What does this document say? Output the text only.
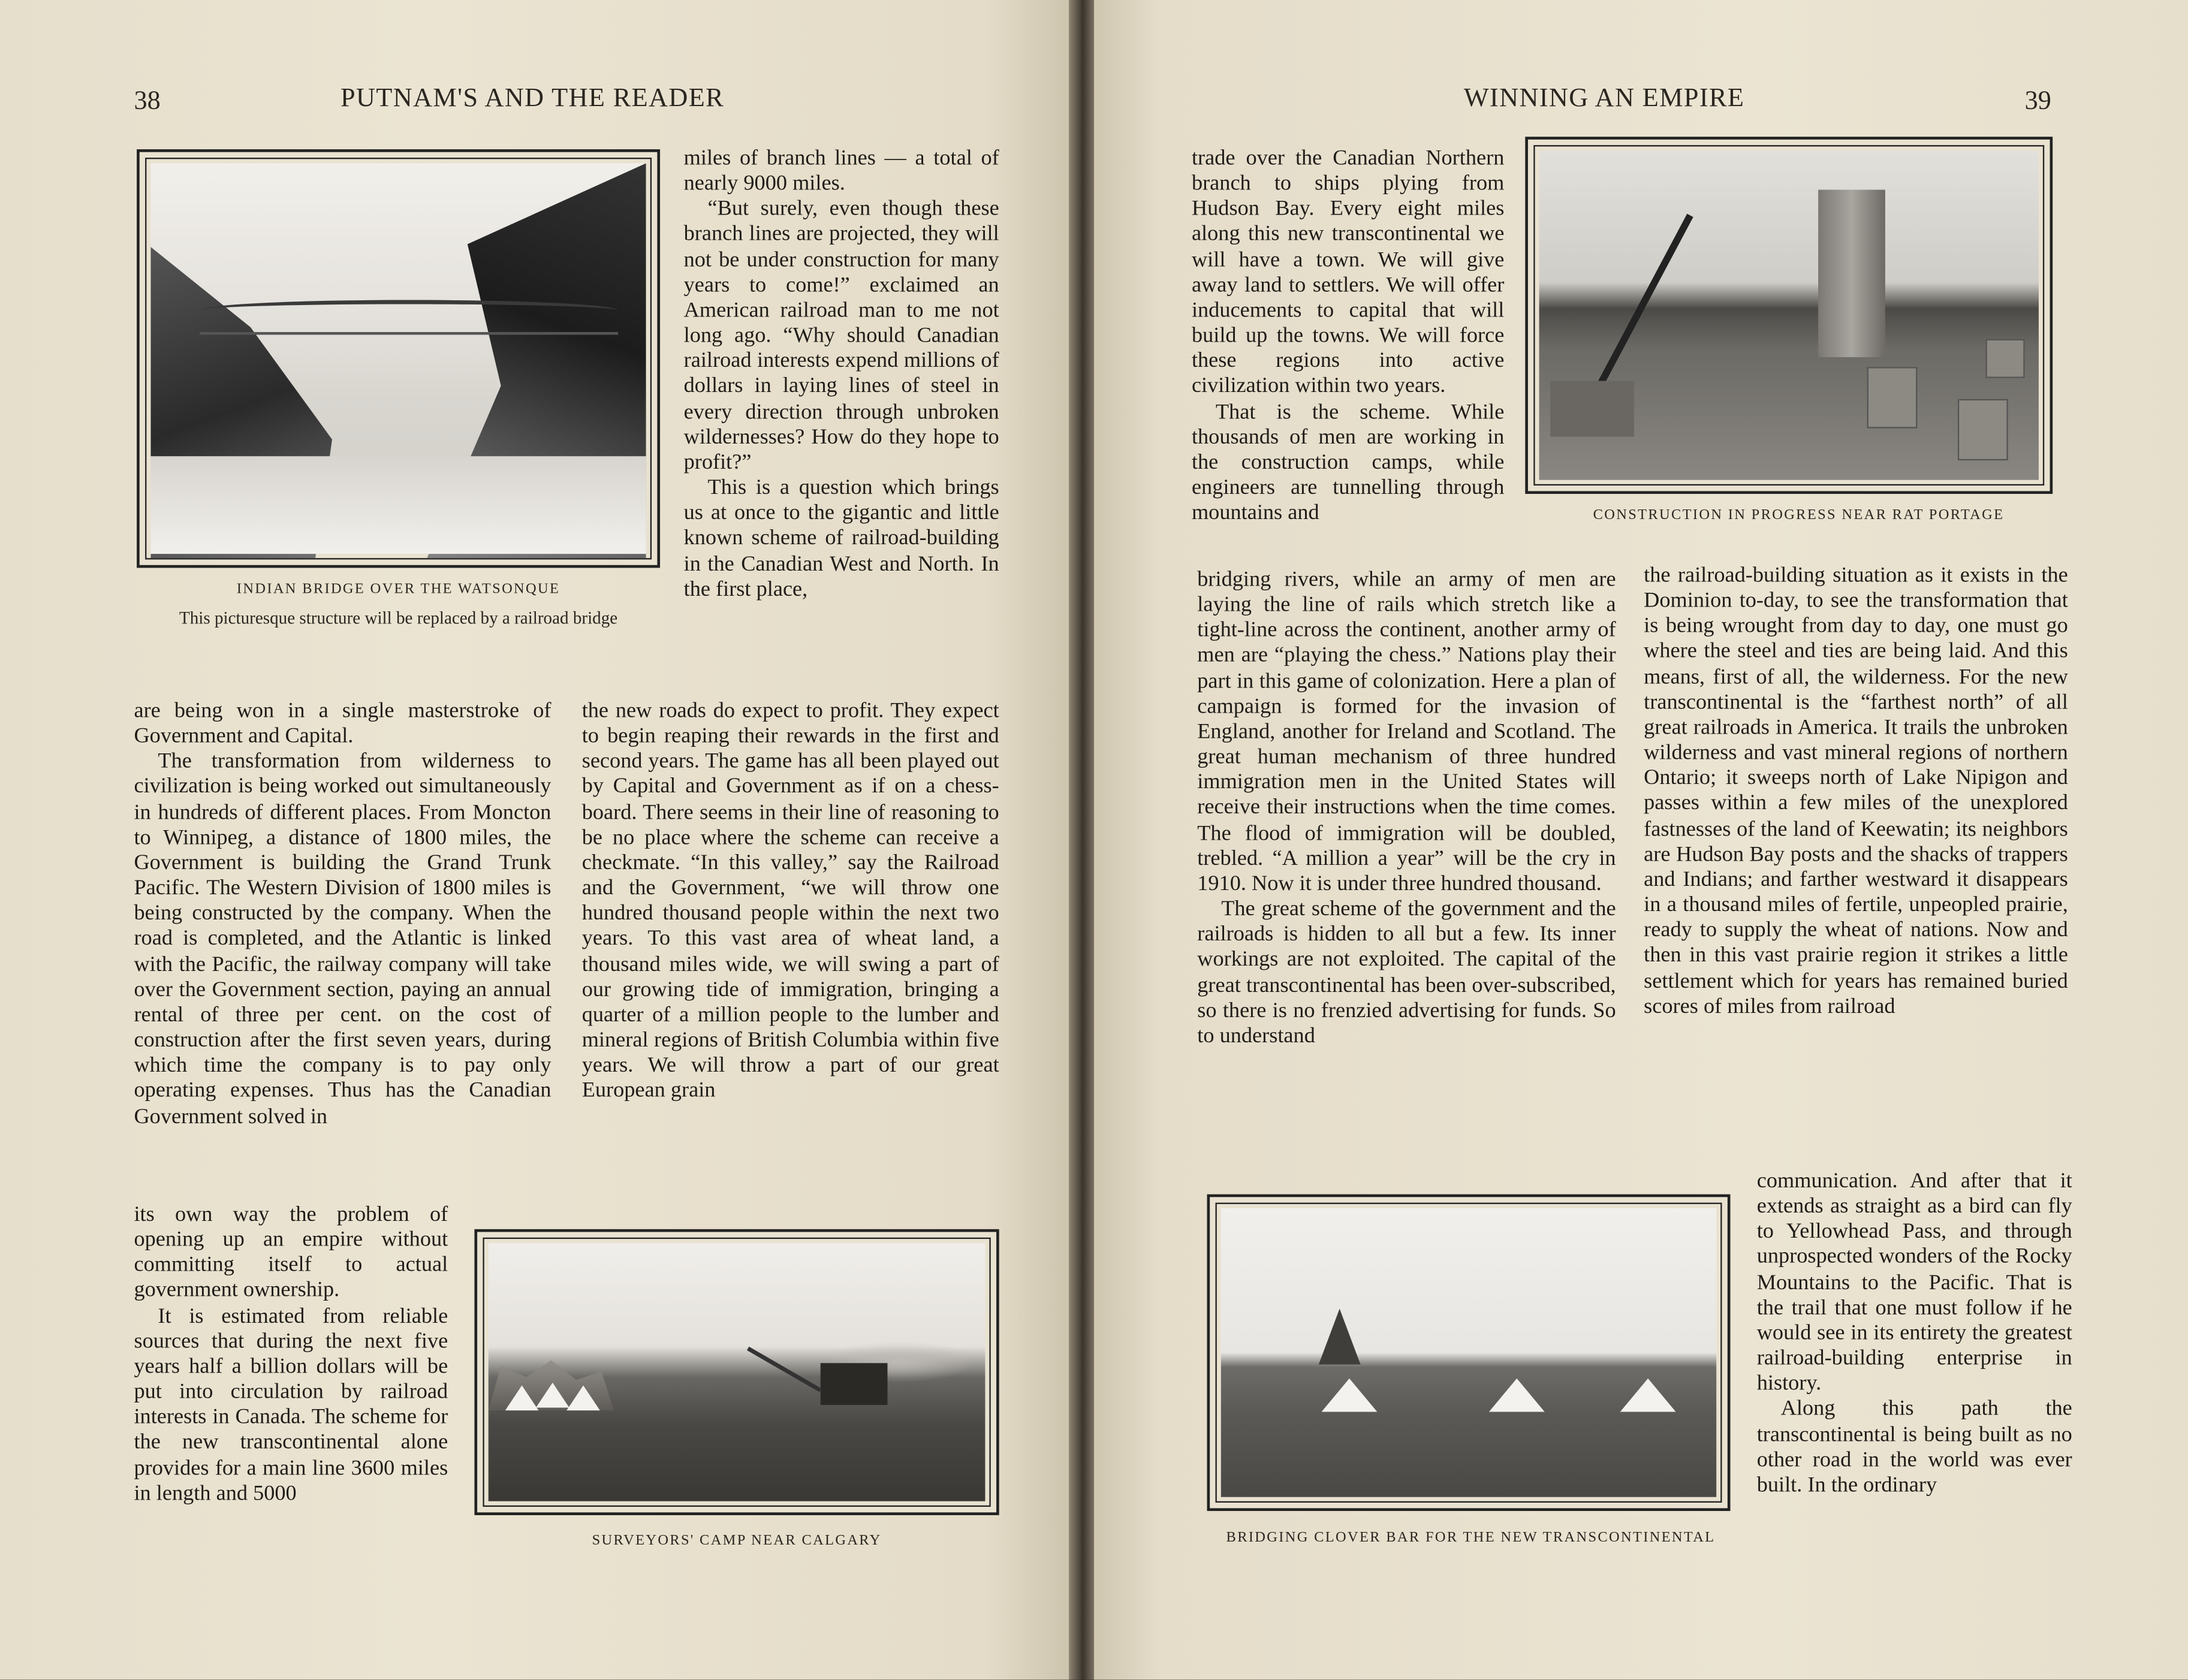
38	PUTNAM'S AND THE READER
INDIAN BRIDGE OVER THE WATSONQUE
This picturesque structure will be replaced by a railroad bridge

miles of branch lines — a total of nearly 9000 miles.

“But surely, even though these branch lines are projected, they will not be under construction for many years to come!” exclaimed an American railroad man to me not long ago. “Why should Canadian railroad interests expend millions of dollars in laying lines of steel in every direction through unbroken wildernesses? How do they hope to profit?”

This is a question which brings us at once to the gigantic and little known scheme of railroad-building in the Canadian West and North. In the first place,

are being won in a single masterstroke of Government and Capital.

The transformation from wilderness to civilization is being worked out simultaneously in hundreds of different places. From Moncton to Winnipeg, a distance of 1800 miles, the Government is building the Grand Trunk Pacific. The Western Division of 1800 miles is being constructed by the company. When the road is completed, and the Atlantic is linked with the Pacific, the railway company will take over the Government section, paying an annual rental of three per cent. on the cost of construction after the first seven years, during which time the company is to pay only operating expenses. Thus has the Canadian Government solved in

its own way the problem of opening up an empire without committing itself to actual government ownership.

It is estimated from reliable sources that during the next five years half a billion dollars will be put into circulation by railroad interests in Canada. The scheme for the new transcontinental alone provides for a main line 3600 miles in length and 5000

the new roads do expect to profit. They expect to begin reaping their rewards in the first and second years. The game has all been played out by Capital and Government as if on a chess-board. There seems in their line of reasoning to be no place where the scheme can receive a checkmate. “In this valley,” say the Railroad and the Government, “we will throw one hundred thousand people within the next two years. To this vast area of wheat land, a thousand miles wide, we will swing a part of our growing tide of immigration, bringing a quarter of a million people to the lumber and mineral regions of British Columbia within five years. We will throw a part of our great European grain

SURVEYORS' CAMP NEAR CALGARY
WINNING AN EMPIRE	39

trade over the Canadian Northern branch to ships plying from Hudson Bay. Every eight miles along this new transcontinental we will have a town. We will give away land to settlers. We will offer inducements to capital that will build up the towns. We will force these regions into active civilization within two years.

That is the scheme. While thousands of men are working in the construction camps, while engineers are tunnelling through mountains and	CONSTRUCTION IN PROGRESS NEAR RAT PORTAGE

bridging rivers, while an army of men are laying the line of rails which stretch like a tight-line across the continent, another army of men are “playing the chess.” Nations play their part in this game of colonization. Here a plan of campaign is formed for the invasion of England, another for Ireland and Scotland. The great human mechanism of three hundred immigration men in the United States will receive their instructions when the time comes. The flood of immigration will be doubled, trebled. “A million a year” will be the cry in 1910. Now it is under three hundred thousand.

The great scheme of the government and the railroads is hidden to all but a few. Its inner workings are not exploited. The capital of the great transcontinental has been over-subscribed, so there is no frenzied advertising for funds. So to understand

the railroad-building situation as it exists in the Dominion to-day, to see the transformation that is being wrought from day to day, one must go where the steel and ties are being laid. And this means, first of all, the wilderness. For the new transcontinental is the “farthest north” of all great railroads in America. It trails the unbroken wilderness and vast mineral regions of northern Ontario; it sweeps north of Lake Nipigon and passes within a few miles of the unexplored fastnesses of the land of Keewatin; its neighbors are Hudson Bay posts and the shacks of trappers and Indians; and farther westward it disappears in a thousand miles of fertile, unpeopled prairie, ready to supply the wheat of nations. Now and then in this vast prairie region it strikes a little settlement which for years has remained buried scores of miles from railroad

communication. And after that it extends as straight as a bird can fly to Yellowhead Pass, and through unprospected wonders of the Rocky Mountains to the Pacific. That is the trail that one must follow if he would see in its entirety the greatest railroad-building enterprise in history.

Along this path the transcontinental is being built as no other road in the world was ever built. In the ordinary

BRIDGING CLOVER BAR FOR THE NEW TRANSCONTINENTAL
